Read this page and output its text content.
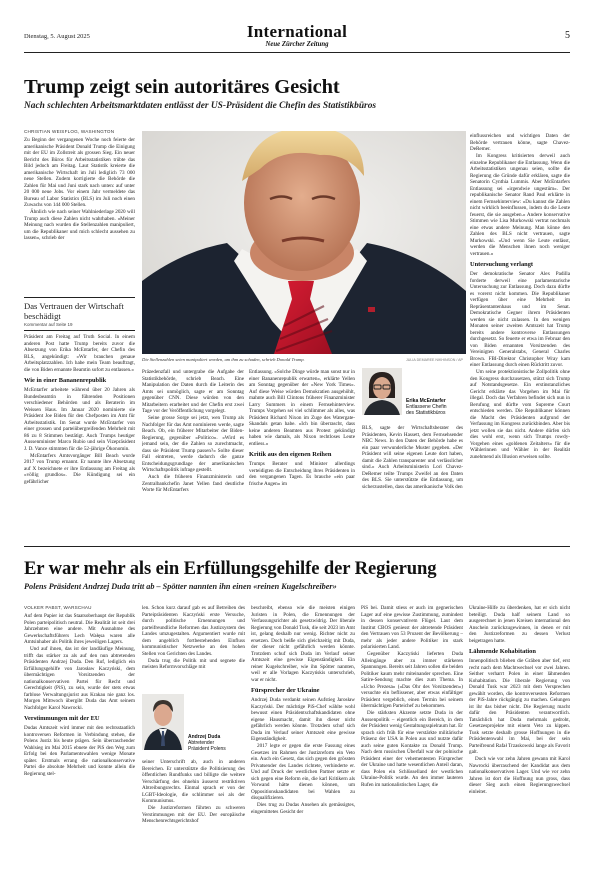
Dienstag, 5. August 2025	International
Neue Zürcher Zeitung
5
Trump zeigt sein autoritäres Gesicht
Nach schlechten Arbeitsmarktdaten entlässt der US-Präsident die Chefin des Statistikbüros
CHRISTIAN WEISFLOG, WASHINGTON

Zu Beginn der vergangenen Woche noch feierte der amerikanische Präsident Donald Trump die Einigung mit der EU im Zollstreit als grossen Sieg. Ein neuer Bericht des Büros für Arbeitsstatistiken trübte das Bild jedoch am Freitag. Laut Statistik kreierte die amerikanische Wirtschaft im Juli lediglich 73 000 neue Stellen. Zudem korrigierte die Behörde die Zahlen für Mai und Juni stark nach unten: auf unter 20 000 neue Jobs. Vor einem Jahr vermeldete das Bureau of Labor Statistics (BLS) im Juli noch einen Zuwachs von 144 000 Stellen.

Ähnlich wie nach seiner Wahlniederlage 2020 will Trump auch diese Zahlen nicht wahrhaben. «Meiner Meinung nach wurden die Stellenzahlen manipuliert, um die Republikaner und mich schlecht aussehen zu lassen», schrieb der

Das Vertrauen der Wirtschaft beschädigt
Kommentar auf Seite 19

Präsident am Freitag auf Truth Social. In einem anderen Post hatte Trump bereits zuvor die Absetzung von Erika McEntarfer, der Chefin des BLS, angekündigt: «Wir brauchen genaue Arbeitsplatzzahlen. Ich habe mein Team beauftragt, die von Biden ernannte Beamtin sofort zu entlassen.»

Wie in einer Bananenrepublik

McEntarfer arbeitete während über 20 Jahren als Bundesbeamtin in führenden Positionen verschiedener Behörden und als Beraterin im Weissen Haus. Im Januar 2020 nominierte sie Präsident Joe Biden für den Chefposten im Amt für Arbeitsstatistik. Im Senat wurde McEntarfer von einer grossen und parteiübergreifenden Mehrheit mit 86 zu 8 Stimmen bestätigt. Auch Trumps heutiger Aussenminister Marco Rubio und sein Vizepräsident J. D. Vance stimmten für die 52-jährige Ökonomin.

McEntarfers Amtsvorgänger Bill Beach wurde 2017 von Trump ernannt. Er nannte ihre Absetzung auf X bezeichnete er ihre Entlassung am Freitag als «völlig grundlos». Die Kündigung sei ein gefährlicher

Die Stellenzahlen seien manipuliert worden, um ihm zu schaden, schrieb Donald Trump.	JULIA DEMAREE NIKHINSON / AP

Präzedenzfall und untergrabe die Aufgabe der Statistikbehörde, schrieb Beach. Eine Manipulation der Daten durch die Leiterin des Amts sei unmöglich, sagte er am Sonntag gegenüber CNN. Diese würden von den Mitarbeitern erarbeitet und der Chefin erst zwei Tage vor der Veröffentlichung vorgelegt.

Seine grosse Sorge sei jetzt, wen Trump als Nachfolger für das Amt nominieren werde, sagte Beach. Ob, ein früherer Mitarbeiter der Biden-Regierung, gegenüber «Politico». «Wird es jemand sein, der die Zahlen so zurechtmacht, dass sie Präsident Trump passen?» Sollte dieser Fall eintreten, werde dadurch die ganze Entscheidungsgrundlage der amerikanischen Wirtschaftspolitik infrage gestellt.

Auch die früheren Finanzministerin und Zentralbankchefin Janet Yellen fand deutliche Worte für McEntarfers

Entlassung. «Solche Dinge würde man sonst nur in einer Bananenrepublik erwarten», erklärte Yellen am Sonntag gegenüber der «New York Times». Auf diese Weise würden Demokratien ausgehöhlt, mahnte auch Bill Clintons früherer Finanzminister Larry Summers in einem Fernsehinterview. Trumps Vorgehen sei viel schlimmer als alles, was Präsident Richard Nixon im Zuge des Watergate-Skandals getan habe. «Ich bin überrascht, dass keine anderen Beamten aus Protest gekündigt haben wie damals, als Nixon rechtloses Leute entliess.»

Kritik aus den eigenen Reihen

Trumps Berater und Minister allerdings verteidigten die Entscheidung ihres Präsidenten in den vergangenen Tagen. Es brauche «ein paar frische Augen» im

Erika McEntarfer
Entlassene Chefin
des Statistikbüros

BLS, sagte der Wirtschaftsberater des Präsidenten, Kevin Hassett, dem Fernsehsender NBC News. In den Daten der Behörde habe es ein paar verwunderliche Muster gegeben. «Der Präsident will seine eigenen Leute dort haben, damit die Zahlen transparenter und verlässlicher sind.» Auch Arbeitsministerin Lori Chavez-DeRemer teilte Trumps Zweifel an den Daten des BLS. Sie unterstützte die Entlassung, um sicherzustellen, dass das amerikanische Volk den

einflussreichen und wichtigen Daten der Behörde vertrauen könne, sagte Chavez-DeRemer.

Im Kongress kritisierten derweil auch einzelne Republikaner die Entlassung. Wenn die Arbeitsstatistiken ungenau seien, sollte die Regierung die Gründe dafür erklären, sagte die Senatorin Cynthia Lummis. Aber McEntarfers Entlassung sei «irgendwie ungestüm». Der republikanische Senator Rand Paul erklärte in einem Fernsehinterview: «Du kannst die Zahlen nicht wirklich beeinflussen, indem du die Leute feuerst, die sie ausgeben.» Andere konservative Stimmen wie Lisa Murkowski vertrat nochmals eine etwas andere Meinung. Man könne den Zahlen des BLS nicht vertrauen, sagte Murkowski. «Und wenn Sie Leute entlässt, werden die Menschen ihnen noch weniger vertrauen.»

Untersuchung verlangt

Der demokratische Senator Alex Padilla forderte derweil eine parlamentarische Untersuchung zur Entlassung. Doch dazu dürfte es vorerst nicht kommen. Die Republikaner verfügen über eine Mehrheit im Repräsentantenhaus und im Senat. Demokratische Gegner ihrem Präsidenten werden sie nicht zulassen. In den wenigen Monaten seiner zweiten Amtszeit hat Trump bereits andere kontroverse Entlassungen durchgesetzt. So feuerte er etwa im Februar den von Biden ernannten Vorsitzenden des Vereinigten Generalstabs, General Charles Brown. FBI-Direktor Christopher Wray kam einer Entlassung durch einen Rücktritt zuvor.

Um seine protektionistische Zollpolitik ohne den Kongress durchzusetzen, stützt sich Trump auf Notstandsgesetze. Ein erstinstanzliches Gericht erklärte das Vorgehen im Mai für illegal. Doch das Verfahren befindet sich nun in Berufung und dürfte vom Supreme Court entschieden werden. Die Republikaner können die Macht des Präsidenten aufgrund der Verfassung im Kongress zurückbinden. Aber bis jetzt wollen sie das nicht. Andere dürfen sich dies wohl erst, wenn sich Trumps rowdy-Vorgehen eines «goldenen Zeitalters» für die Wählerinnen und Wähler in der Realität zunehmend als Illusion erweisen sollte.

Er war mehr als ein Erfüllungsgehilfe der Regierung
Polens Präsident Andrzej Duda tritt ab – Spötter nannten ihn einen «reinen Kugelschreiber»
VOLKER PABST, WARSCHAU

Auf dem Papier ist das Staatsoberhaupt der Republik Polen parteipolitisch neutral. Die Realität ist seit drei Jahrzehnten eine andere. Mit Ausnahme des Gewerkschaftsführers Lech Wałęsa waren alle Amtsinhaber als Politik ihres jeweiligen Lagers.

Und auf ihnen, das ist der landläufige Meinung, trifft das stärker zu als auf den nun abtretenden Präsidenten Andrzej Duda. Den Ruf, lediglich ein Erfüllungsgehilfe von Jarosław Kaczyński, dem übermächtigen Vorsitzenden der nationalkonservativen Partei für Recht und Gerechtigkeit (PiS), zu sein, wurde der stets etwas farblose Verwaltungsjurist aus Krakau nie ganz los. Morgen Mittwoch übergibt Duda das Amt seinem Nachfolger Karol Nawrocki.

Verstimmungen mit der EU

Dudas Amtszeit wird immer mit den rechtsstaatlich kontroversen Reformen in Verbindung stehen, die Polens Justiz bis heute prägen. Sein überraschender Wahlsieg im Mai 2015 ebnete der PiS den Weg zum Erfolg bei den Parlamentswahlen wenige Monate später. Erstmals errang die nationalkonservative Partei die absolute Mehrheit und konnte allein die Regierung stel-

len. Schon kurz darauf gab es auf Betreiben des Parteipräsidenten Kaczyński erste Versuche, durch politische Ernennungen und parteifreundliche Reformen das Justizsystem des Landes umzugestalten. Argumentiert wurde mit dem angeblich fortbestehenden Einfluss kommunistischer Netzwerke an den hohen Stellen von Gerichten des Landes.

Duda trug die Politik mit und segnete die meisten Reformvorschläge mit

Andrzej Duda
Abtretender
Präsident Polens

seiner Unterschrift ab, auch in anderen Bereichen. Er unterstützte die Politisierung des öffentlichen Rundfunks und billigte die weitere Verschärfung des ohnehin äusserst restriktiven Abtreibungsrechts. Einmal sprach er von der LGBT-Ideologie, die schlimmer sei als der Kommunismus.

Die Justizreformen führten zu schweren Verstimmungen mit der EU. Der europäische Menschenrechtsgerichtshof

beschreibt, ebenso wie die meisten einigen Juristen in Polen, die Ernennungen der Verfassungsrichter als gesetzwidrig. Der liberale Regierung von Donald Tusk, die seit 2023 im Amt ist, gelang deshalb nur wenig. Richter nicht zu ersetzen. Doch beiße sich gleichzeitig mit Duda, der dieser nicht gefährlich werden könnte. Trotzdem schuf sich Duda im Verlauf seiner Amtszeit eine gewisse Eigenständigkeit. Ein reiner Kugelschreiber, wie ihn Spötter nannten, weil er alle Vorlagen Kaczyńskis unterschrieb, war er nicht.

Fürsprecher der Ukraine

Andrzej Duda verdankt seinen Aufstieg Jarosław Kaczyński. Der mächtige PiS-Chef wählte wohl bewusst einen Präsidentschaftskandidaten ohne eigene Hausmacht, damit ihn dieser nicht gefährlich werden könnte. Trotzdem schuf sich Duda im Verlauf seiner Amtszeit eine gewisse Eigenständigkeit.

2017 legte er gegen die erste Fassung eines Gesetzes im Rahmen der Justizreform ein Veto ein. Auch ein Gesetz, das sich gegen den grössten Privatsender des Landes richtete, verhinderte er. Und auf Druck der westlichen Partner setzte er sich gegen eine Reform ein, die karl Kritikern als Vorwand hätte dienen können, um Oppositionskandidaten bei Wahlen zu disqualifizieren.

Dies trug zu Dudas Ansehen als gemässigtes, eingemittetes Gesicht der

PiS bei. Damit stiess er auch im gegnerischen Lager auf eine gewisse Zustimmung, zumindest in dessen konservativem Flügel. Laut dem Institut CBOS geniesst der abtretende Präsident den Vertrauen von 53 Prozent der Bevölkerung – mehr als jeder andere Politiker im stark polarisierten Land.

Gegenüber Kaczyński lieferten Duda Alleingänge aber zu immer stärkeren Spannungen. Bereits seit Jahren sollen die beiden Politiker kaum mehr miteinander sprechen. Eine Satire-Sendung machte dies zum Thema. In «Ucho Prezesa» («Das Ohr des Vorsitzenden») versuchte ein beflissener, aber etwas einfältiger Präsident vergeblich, einen Termin bei seinem übermächtigen Parteichef zu bekommen.

Die stärksten Akzente setzte Duda in der Aussenpolitik – eigentlich ein Bereich, in dem der Präsident wenig Gestaltungsspielraum hat. Er sprach sich früh für eine verstärkte militärische Präsenz der USA in Polen aus und nutzte dafür auch seine guten Kontakte zu Donald Trump. Nach dem russischen Überfall war der polnische Präsident einer der vehementesten Fürsprecher der Ukraine und hatte wesentlichen Anteil daran, dass Polen ein Schlüsselland der westlichen Ukraine-Politik wurde. An den immer lauteren Rufen im nationalistischen Lager, die

Ukraine-Hilfe zu überdenken, hat er sich nicht beteiligt. Duda half seinem Land so ausgerechnet in jenen Kreisen international den Anschein zurückzugewinnen, in denen er mit den Justizreformen zu dessen Verlust beigetragen hatte.

Lähmende Kohabitation

Innenpolitisch blieben die Gräben aber tief, erst recht nach dem Machtwechsel vor zwei Jahren. Seither verharrt Polen in einer lähmenden Kohabitation. Die liberale Regierung von Donald Tusk war 2023 mit dem Versprechen gewählt worden, die kontroversesten Reformen der PiS-Jahre rückgängig zu machen. Gelungen ist ihr das bisher nicht. Die Regierung macht dafür den Präsidenten verantwortlich. Tatsächlich hat Duda mehrmals gedroht, Gesetzesprojekte mit einem Veto zu kippen. Tusk setzte deshalb grosse Hoffnungen in die Präsidentenwahl im Mai, bei der sein Parteifreund Rafał Trzaskowski lange als Favorit galt.

Doch wie vor zehn Jahren gewann mit Karol Nawrocki überraschend der Kandidat aus dem nationalkonservativen Lager. Und wie vor zehn Jahren ist dort die Hoffnung nun gross, dass dieser Sieg auch einen Regierungswechsel einleitet.
